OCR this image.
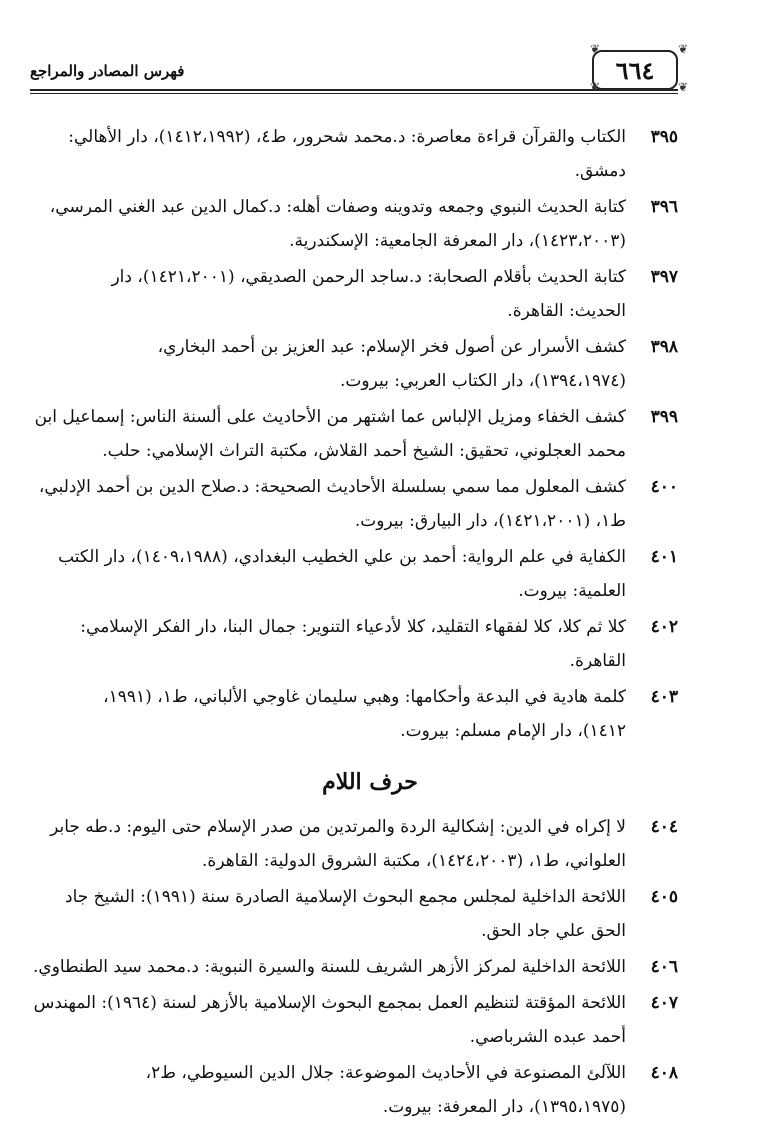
٦٦٤
❦
❦
❦
❦
فهرس المصادر والمراجع
٣٩٥
الكتاب والقرآن قراءة معاصرة: د.محمد شحرور، ط٤، (١٤١٢،١٩٩٢)، دار الأهالي:
دمشق.
٣٩٦
كتابة الحديث النبوي وجمعه وتدوينه وصفات أهله: د.كمال الدين عبد الغني المرسي،
(١٤٢٣،٢٠٠٣)، دار المعرفة الجامعية: الإسكندرية.
٣٩٧
كتابة الحديث بأقلام الصحابة: د.ساجد الرحمن الصديقي، (١٤٢١،٢٠٠١)، دار
الحديث: القاهرة.
٣٩٨
كشف الأسرار عن أصول فخر الإسلام: عبد العزيز بن أحمد البخاري،
(١٣٩٤،١٩٧٤)، دار الكتاب العربي: بيروت.
٣٩٩
كشف الخفاء ومزيل الإلباس عما اشتهر من الأحاديث على ألسنة الناس: إسماعيل ابن
محمد العجلوني، تحقيق: الشيخ أحمد القلاش، مكتبة التراث الإسلامي: حلب.
٤٠٠
كشف المعلول مما سمي بسلسلة الأحاديث الصحيحة: د.صلاح الدين بن أحمد الإدلبي،
ط١، (١٤٢١،٢٠٠١)، دار البيارق: بيروت.
٤٠١
الكفاية في علم الرواية: أحمد بن علي الخطيب البغدادي، (١٤٠٩،١٩٨٨)، دار الكتب
العلمية: بيروت.
٤٠٢
كلا ثم كلا، كلا لفقهاء التقليد، كلا لأدعياء التنوير: جمال البنا، دار الفكر الإسلامي:
القاهرة.
٤٠٣
كلمة هادية في البدعة وأحكامها: وهبي سليمان غاوجي الألباني، ط١، (١٩٩١،
١٤١٢)، دار الإمام مسلم: بيروت.
حرف اللام
٤٠٤
لا إكراه في الدين: إشكالية الردة والمرتدين من صدر الإسلام حتى اليوم: د.طه جابر
العلواني، ط١، (١٤٢٤،٢٠٠٣)، مكتبة الشروق الدولية: القاهرة.
٤٠٥
اللائحة الداخلية لمجلس مجمع البحوث الإسلامية الصادرة سنة (١٩٩١): الشيخ جاد
الحق علي جاد الحق.
٤٠٦
اللائحة الداخلية لمركز الأزهر الشريف للسنة والسيرة النبوية: د.محمد سيد الطنطاوي.
٤٠٧
اللائحة المؤقتة لتنظيم العمل بمجمع البحوث الإسلامية بالأزهر لسنة (١٩٦٤): المهندس
أحمد عبده الشرباصي.
٤٠٨
اللآلئ المصنوعة في الأحاديث الموضوعة: جلال الدين السيوطي، ط٢،
(١٣٩٥،١٩٧٥)، دار المعرفة: بيروت.
